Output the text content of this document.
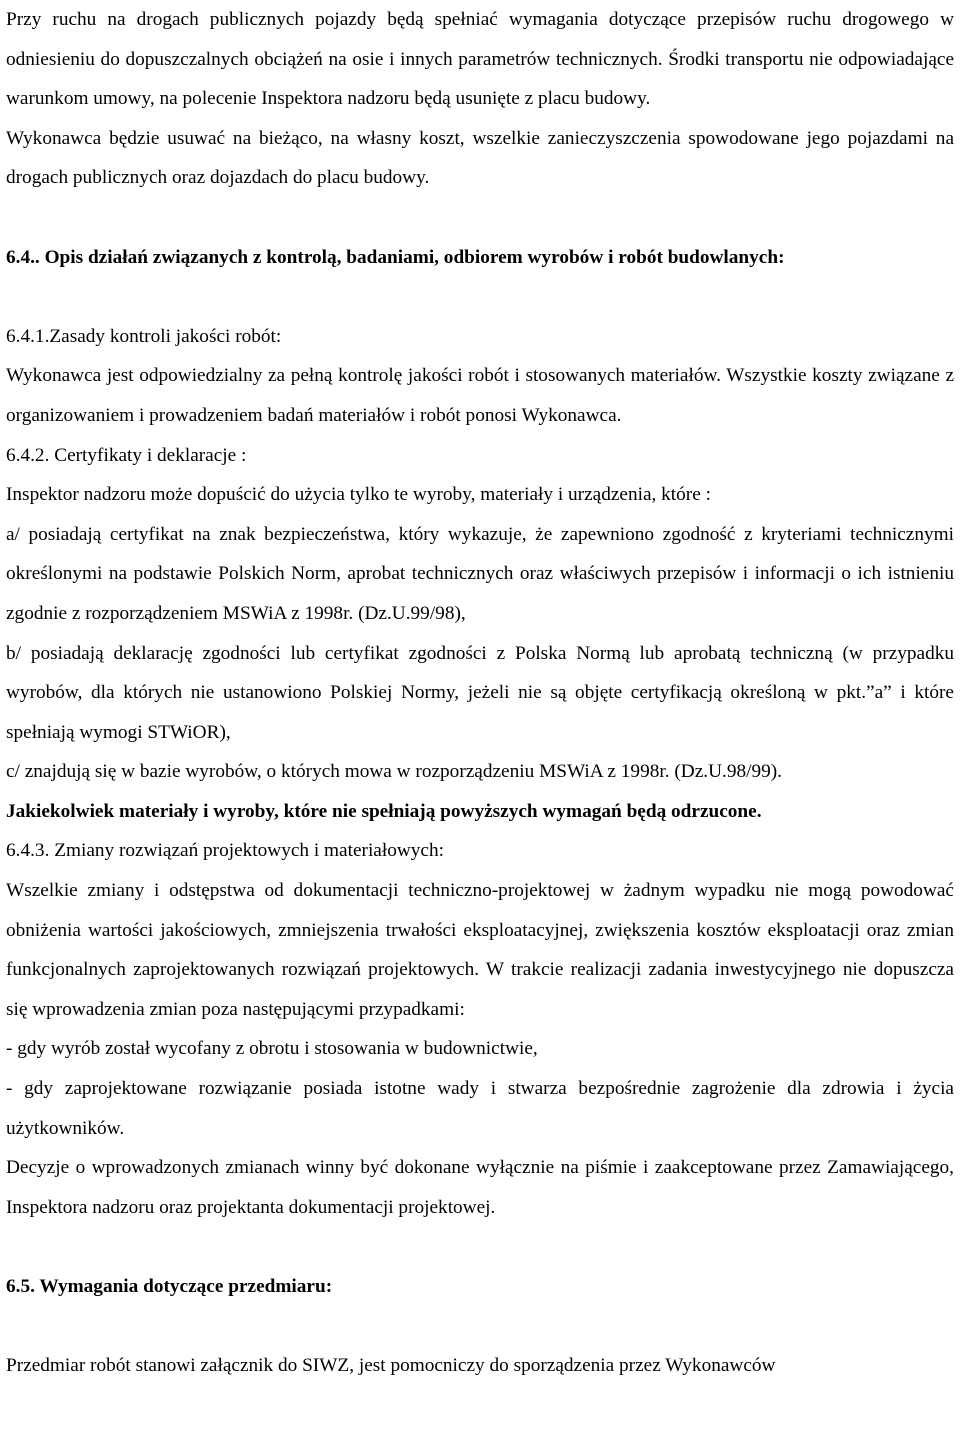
Przy ruchu na drogach publicznych pojazdy będą spełniać wymagania dotyczące przepisów ruchu drogowego w odniesieniu do dopuszczalnych obciążeń na osie i innych parametrów technicznych. Środki transportu nie odpowiadające warunkom umowy, na polecenie Inspektora nadzoru będą usunięte z placu budowy.

Wykonawca będzie usuwać na bieżąco, na własny koszt, wszelkie zanieczyszczenia spowodowane jego pojazdami na drogach publicznych oraz dojazdach do placu budowy.

6.4.. Opis działań związanych z kontrolą, badaniami, odbiorem wyrobów i robót budowlanych:

6.4.1.Zasady kontroli jakości robót:

Wykonawca jest odpowiedzialny za pełną kontrolę jakości robót i stosowanych materiałów. Wszystkie koszty związane z organizowaniem i prowadzeniem badań materiałów i robót ponosi Wykonawca.

6.4.2. Certyfikaty i deklaracje :

Inspektor nadzoru może dopuścić do użycia tylko te wyroby, materiały i urządzenia, które :

a/ posiadają certyfikat na znak bezpieczeństwa, który wykazuje, że zapewniono zgodność z kryteriami technicznymi określonymi na podstawie Polskich Norm, aprobat technicznych oraz właściwych przepisów i informacji o ich istnieniu zgodnie z rozporządzeniem MSWiA z 1998r. (Dz.U.99/98),

b/ posiadają deklarację zgodności lub certyfikat zgodności z Polska Normą lub aprobatą techniczną (w przypadku wyrobów, dla których nie ustanowiono Polskiej Normy, jeżeli nie są objęte certyfikacją określoną w pkt.”a” i które spełniają wymogi STWiOR),

c/ znajdują się w bazie wyrobów, o których mowa w rozporządzeniu MSWiA z 1998r. (Dz.U.98/99).

Jakiekolwiek materiały i wyroby, które nie spełniają powyższych wymagań będą odrzucone.

6.4.3. Zmiany rozwiązań projektowych i materiałowych:

Wszelkie zmiany i odstępstwa od dokumentacji techniczno-projektowej w żadnym wypadku nie mogą powodować obniżenia wartości jakościowych, zmniejszenia trwałości eksploatacyjnej, zwiększenia kosztów eksploatacji oraz zmian funkcjonalnych zaprojektowanych rozwiązań projektowych. W trakcie realizacji zadania inwestycyjnego nie dopuszcza się wprowadzenia zmian poza następującymi przypadkami:

- gdy wyrób został wycofany z obrotu i stosowania w budownictwie,

- gdy zaprojektowane rozwiązanie posiada istotne wady i stwarza bezpośrednie zagrożenie dla zdrowia i życia użytkowników.

Decyzje o wprowadzonych zmianach winny być dokonane wyłącznie na piśmie i zaakceptowane przez Zamawiającego, Inspektora nadzoru oraz projektanta dokumentacji projektowej.

6.5. Wymagania dotyczące przedmiaru:

Przedmiar robót stanowi załącznik do SIWZ, jest pomocniczy do sporządzenia przez Wykonawców
